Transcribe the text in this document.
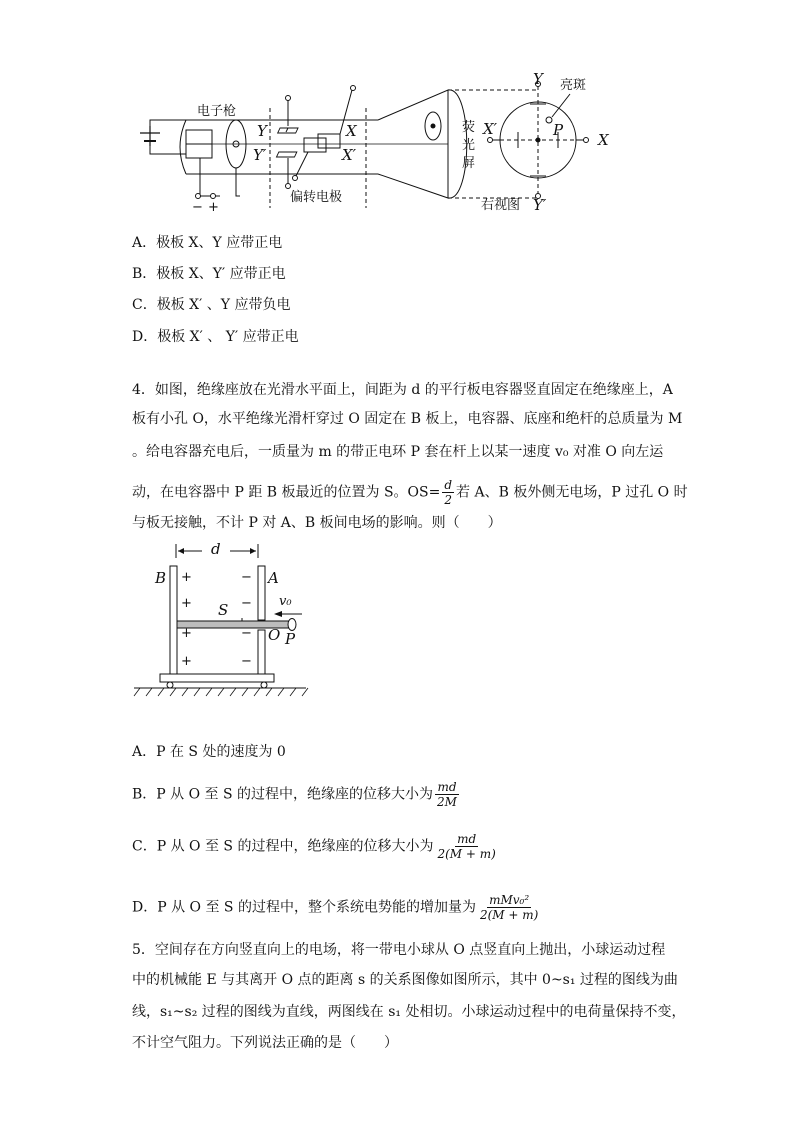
电子枪
Y
Y′
X
X′
偏转电极
荧
光
屏
Y
Y′
X′
X
亮斑
P
右视图
− +
A．极板 X、Y 应带正电
B．极板 X、Y′ 应带正电
C．极板 X′ 、Y 应带负电
D．极板 X′ 、 Y′ 应带正电
4．如图，绝缘座放在光滑水平面上，间距为 d 的平行板电容器竖直固定在绝缘座上，A
板有小孔 O，水平绝缘光滑杆穿过 O 固定在 B 板上，电容器、底座和绝杆的总质量为 M
。给电容器充电后，一质量为 m 的带正电环 P 套在杆上以某一速度 v₀ 对准 O 向左运
动，在电容器中 P 距 B 板最近的位置为 S。$OS= \frac{d}{2}$ 若 A、B 板外侧无电场，P 过孔 O 时
与板无接触，不计 P 对 A、B 板间电场的影响。则（　　）
d
B	A
S
O P
v₀
+
+
+
+
−
−
−
−
A．P 在 S 处的速度为 0
B．P 从 O 至 S 的过程中，绝缘座的位移大小为 $\frac{md}{2M}$
C．P 从 O 至 S 的过程中，绝缘座的位移大小为 $\frac{md}{2(M + m)}$
D．P 从 O 至 S 的过程中，整个系统电势能的增加量为 $\frac{\text{mMv₀²}}{2(M + m)}$
5．空间存在方向竖直向上的电场，将一带电小球从 O 点竖直向上抛出，小球运动过程
中的机械能 E 与其离开 O 点的距离 s 的关系图像如图所示，其中 0~s₁ 过程的图线为曲
线，s₁~s₂ 过程的图线为直线，两图线在 s₁ 处相切。小球运动过程中的电荷量保持不变，
不计空气阻力。下列说法正确的是（　　）
